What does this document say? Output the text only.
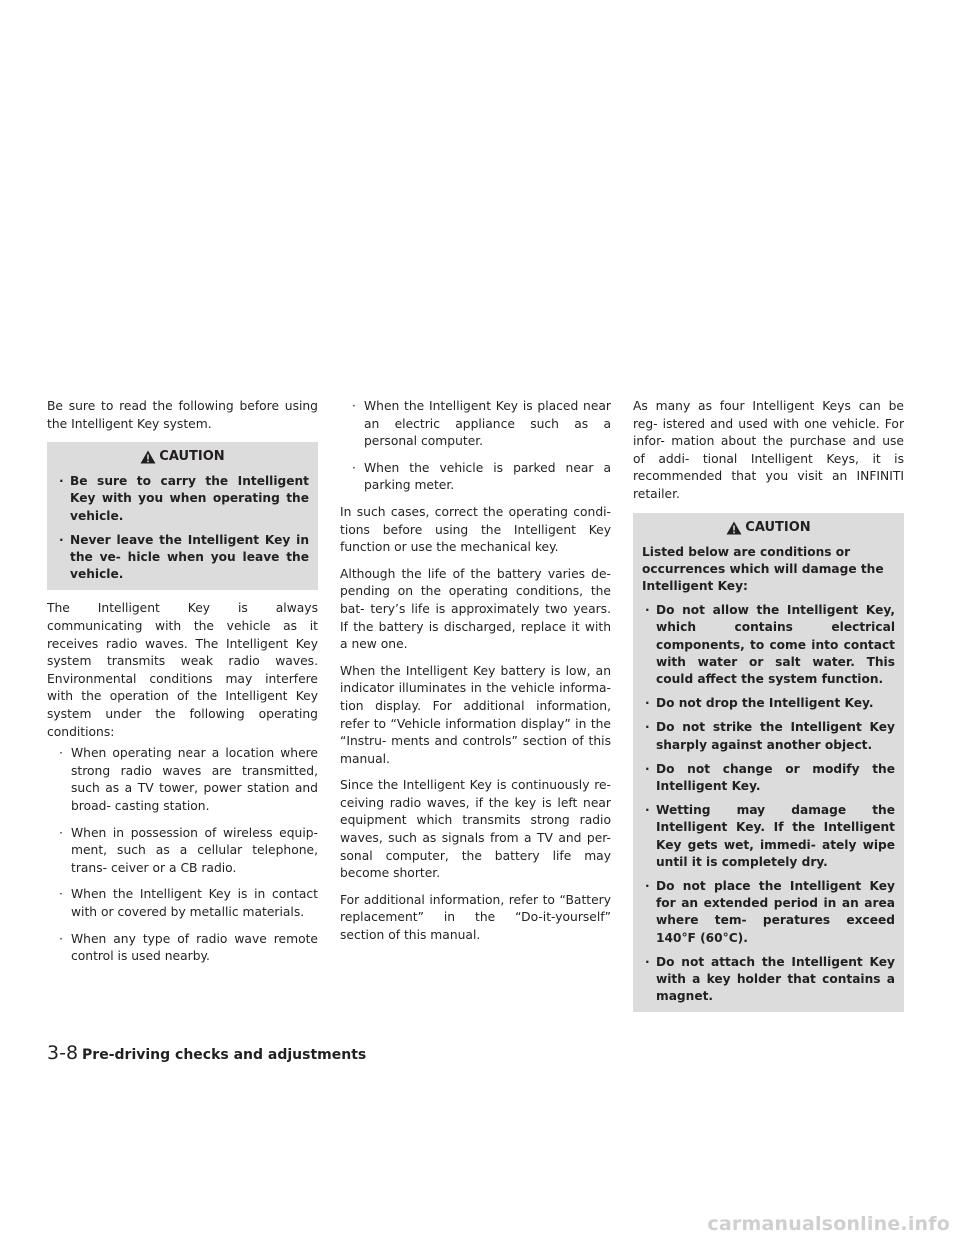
Be sure to read the following before using the Intelligent Key system.

CAUTION
· Be sure to carry the Intelligent Key with you when operating the vehicle.
· Never leave the Intelligent Key in the ve- hicle when you leave the vehicle.

The Intelligent Key is always communicating with the vehicle as it receives radio waves. The Intelligent Key system transmits weak radio waves. Environmental conditions may interfere with the operation of the Intelligent Key system under the following operating conditions:

· When operating near a location where strong radio waves are transmitted, such as a TV tower, power station and broad- casting station.
· When in possession of wireless equip- ment, such as a cellular telephone, trans- ceiver or a CB radio.
· When the Intelligent Key is in contact with or covered by metallic materials.
· When any type of radio wave remote control is used nearby.
· When the Intelligent Key is placed near an electric appliance such as a personal computer.
· When the vehicle is parked near a parking meter.

In such cases, correct the operating condi- tions before using the Intelligent Key function or use the mechanical key.

Although the life of the battery varies de- pending on the operating conditions, the bat- tery’s life is approximately two years. If the battery is discharged, replace it with a new one.

When the Intelligent Key battery is low, an indicator illuminates in the vehicle informa- tion display. For additional information, refer to “Vehicle information display” in the “Instru- ments and controls” section of this manual.

Since the Intelligent Key is continuously re- ceiving radio waves, if the key is left near equipment which transmits strong radio waves, such as signals from a TV and per- sonal computer, the battery life may become shorter.

For additional information, refer to “Battery replacement” in the “Do-it-yourself” section of this manual.

As many as four Intelligent Keys can be reg- istered and used with one vehicle. For infor- mation about the purchase and use of addi- tional Intelligent Keys, it is recommended that you visit an INFINITI retailer.

CAUTION
Listed below are conditions or occurrences which will damage the Intelligent Key:
· Do not allow the Intelligent Key, which contains electrical components, to come into contact with water or salt water. This could affect the system function.
· Do not drop the Intelligent Key.
· Do not strike the Intelligent Key sharply against another object.
· Do not change or modify the Intelligent Key.
· Wetting may damage the Intelligent Key. If the Intelligent Key gets wet, immedi- ately wipe until it is completely dry.
· Do not place the Intelligent Key for an extended period in an area where tem- peratures exceed 140°F (60°C).
· Do not attach the Intelligent Key with a key holder that contains a magnet.
3-8 Pre-driving checks and adjustments
carmanualsonline.info
